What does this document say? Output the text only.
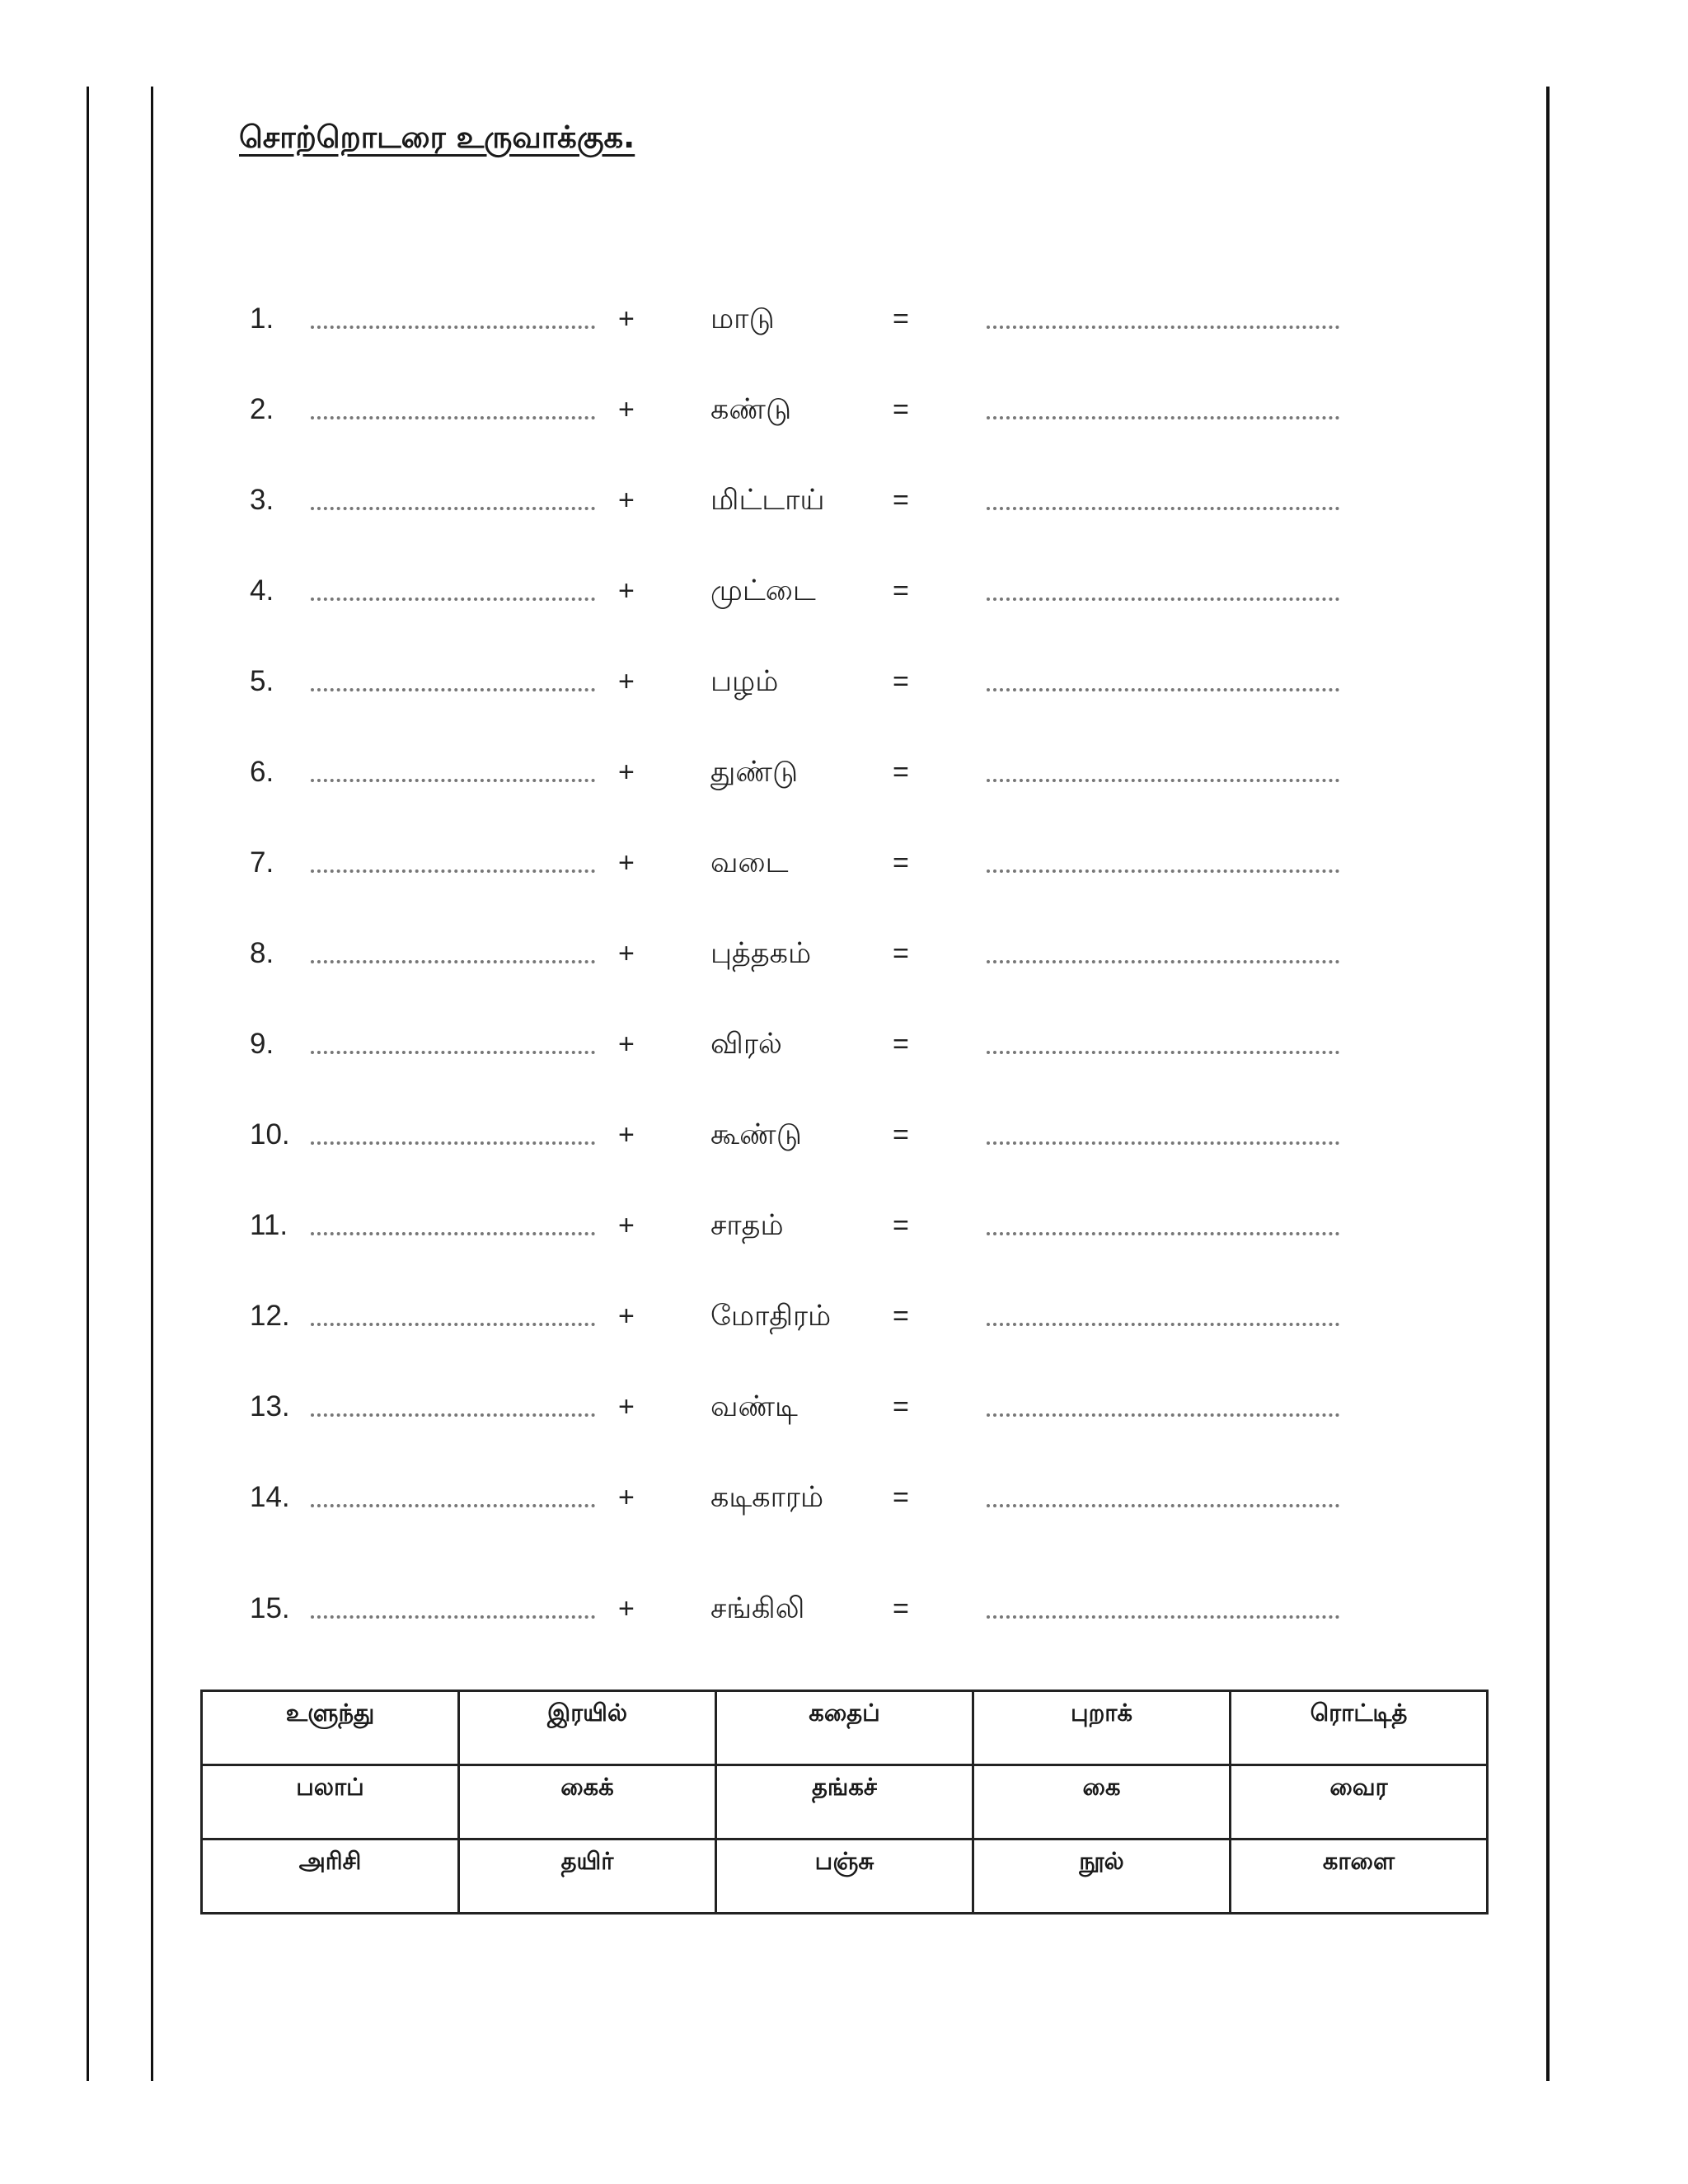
சொற்றொடரை உருவாக்குக.
1.	+	மாடு	=
2.	+	கண்டு	=
3.	+	மிட்டாய் =
4.	+	முட்டை	=
5.	+	பழம்	=
6.	+	துண்டு	=
7.	+	வடை	=
8.	+	புத்தகம்	=
9.	+	விரல்	=
10.	+	கூண்டு	=
11.	+	சாதம்	=
12.	+	மோதிரம் =
13.	+	வண்டி	=
14.	+	கடிகாரம் =
15.	+	சங்கிலி	=
உளுந்து	இரயில்	கதைப்	புறாக்	ரொட்டித்
பலாப்	கைக்	தங்கச்	கை	வைர
அரிசி	தயிர்	பஞ்சு	நூல்	காளை
